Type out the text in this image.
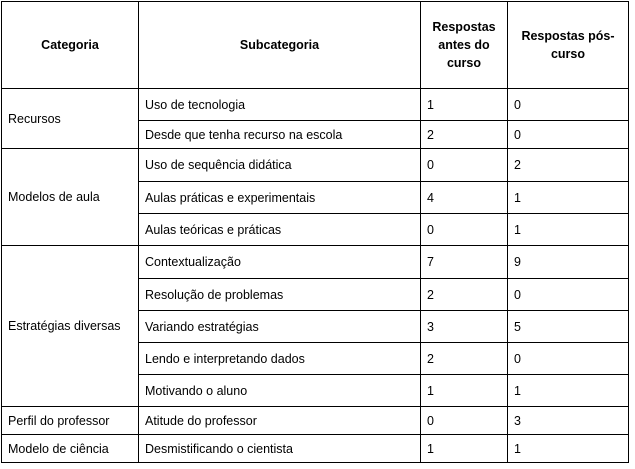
Categoria	Subcategoria	Respostas antes do curso	Respostas pós-curso
Recursos	Uso de tecnologia	1	0
	Desde que tenha recurso na escola	2	0
Modelos de aula	Uso de sequência didática	0	2
	Aulas práticas e experimentais	4	1
	Aulas teóricas e práticas	0	1
Estratégias diversas	Contextualização	7	9
	Resolução de problemas	2	0
	Variando estratégias	3	5
	Lendo e interpretando dados	2	0
	Motivando o aluno	1	1
Perfil do professor	Atitude do professor	0	3
Modelo de ciência	Desmistificando o cientista	1	1
